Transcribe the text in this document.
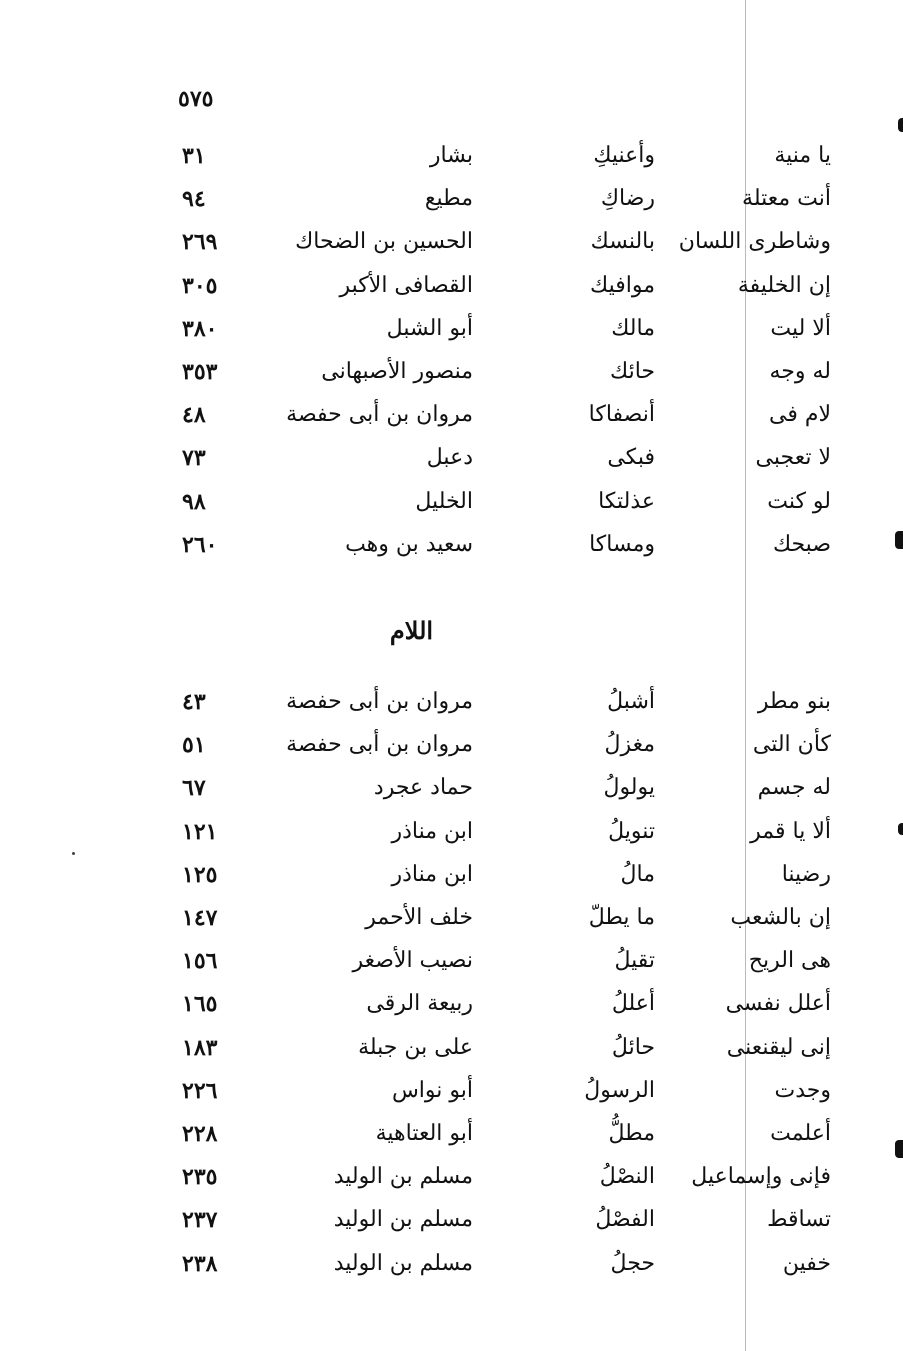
٥٧٥
يا منية
وأعنيكِ
بشار
٣١
أنت معتلة
رضاكِ
مطيع
٩٤
وشاطرى اللسان
بالنسك
الحسين بن الضحاك
٢٦٩
إن الخليفة
موافيك
القصافى الأكبر
٣٠٥
ألا ليت
مالك
أبو الشبل
٣٨٠
له وجه
حائك
منصور الأصبهانى
٣٥٣
لام فى
أنصفاكا
مروان بن أبى حفصة
٤٨
لا تعجبى
فبكى
دعبل
٧٣
لو كنت
عذلتكا
الخليل
٩٨
صبحك
ومساكا
سعيد بن وهب
٢٦٠
اللام
بنو مطر
أشبلُ
مروان بن أبى حفصة
٤٣
كأن التى
مغزلُ
مروان بن أبى حفصة
٥١
له جسم
يولولُ
حماد عجرد
٦٧
ألا يا قمر
تنويلُ
ابن مناذر
١٢١
رضينا
مالُ
ابن مناذر
١٢٥
إن بالشعب
ما يطلّ
خلف الأحمر
١٤٧
هى الريح
تقيلُ
نصيب الأصغر
١٥٦
أعلل نفسى
أعللُ
ربيعة الرقى
١٦٥
إنى ليقنعنى
حائلُ
على بن جبلة
١٨٣
وجدت
الرسولُ
أبو نواس
٢٢٦
أعلمت
مطلُّ
أبو العتاهية
٢٢٨
فإنى وإسماعيل
النصْلُ
مسلم بن الوليد
٢٣٥
تساقط
الفصْلُ
مسلم بن الوليد
٢٣٧
خفين
حجلُ
مسلم بن الوليد
٢٣٨
